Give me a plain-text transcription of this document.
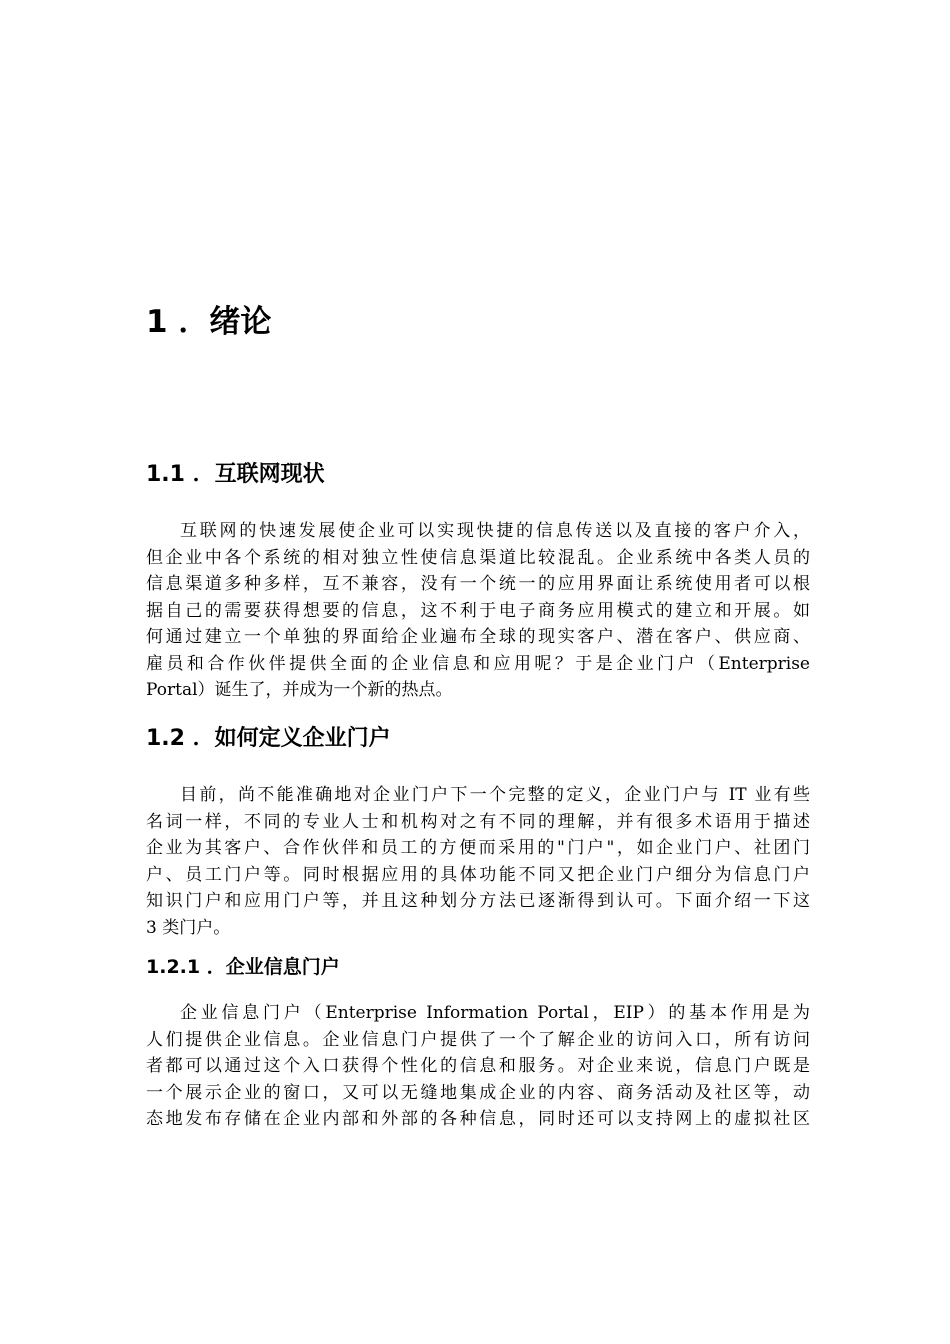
1 ．绪论
1.1 ．互联网现状
互联网的快速发展使企业可以实现快捷的信息传送以及直接的客户介入，
但企业中各个系统的相对独立性使信息渠道比较混乱。企业系统中各类人员的
信息渠道多种多样，互不兼容，没有一个统一的应用界面让系统使用者可以根
据自己的需要获得想要的信息，这不利于电子商务应用模式的建立和开展。如
何通过建立一个单独的界面给企业遍布全球的现实客户、潜在客户、供应商、
雇员和合作伙伴提供全面的企业信息和应用呢？于是企业门户（Enterprise
Portal）诞生了，并成为一个新的热点。
1.2 ．如何定义企业门户
目前，尚不能准确地对企业门户下一个完整的定义，企业门户与 IT 业有些
名词一样，不同的专业人士和机构对之有不同的理解，并有很多术语用于描述
企业为其客户、合作伙伴和员工的方便而采用的"门户"，如企业门户、社团门
户、员工门户等。同时根据应用的具体功能不同又把企业门户细分为信息门户
知识门户和应用门户等，并且这种划分方法已逐渐得到认可。下面介绍一下这
3 类门户。
1.2.1 ．企业信息门户
企业信息门户（Enterprise Information Portal，EIP）的基本作用是为
人们提供企业信息。企业信息门户提供了一个了解企业的访问入口，所有访问
者都可以通过这个入口获得个性化的信息和服务。对企业来说，信息门户既是
一个展示企业的窗口，又可以无缝地集成企业的内容、商务活动及社区等，动
态地发布存储在企业内部和外部的各种信息，同时还可以支持网上的虚拟社区
